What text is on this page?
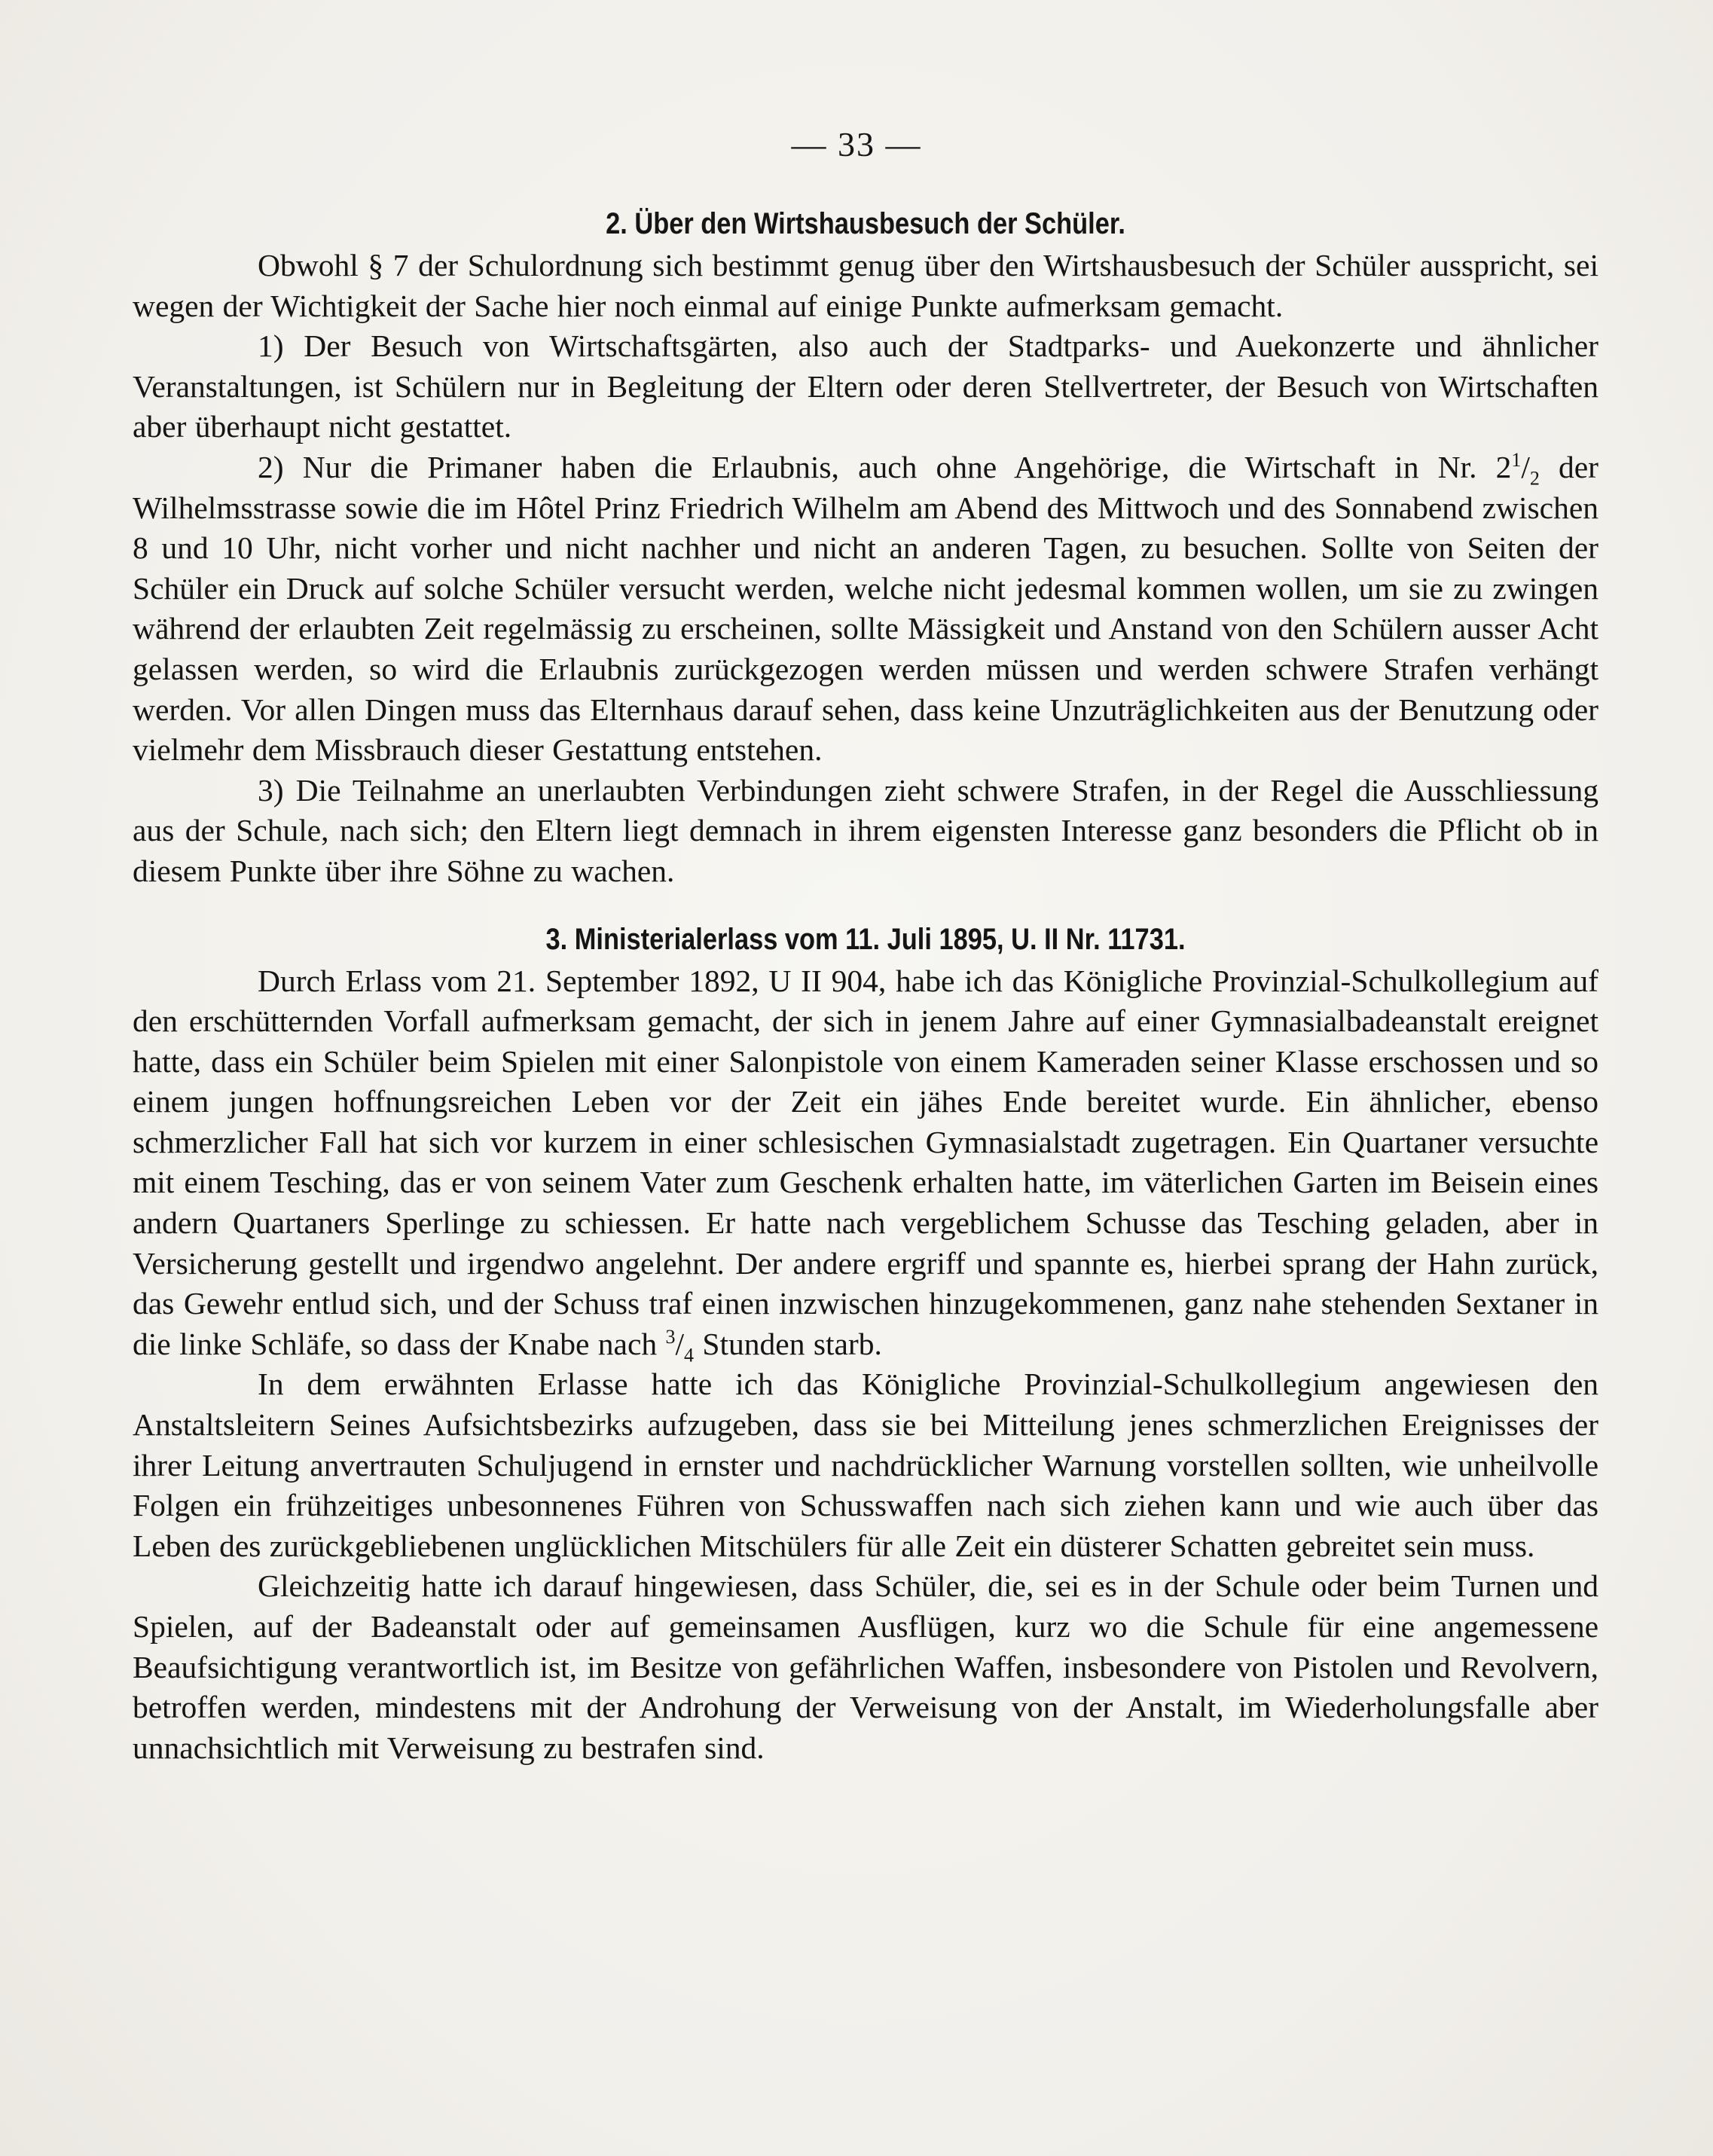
— 33 —
2. Über den Wirtshausbesuch der Schüler.

Obwohl § 7 der Schulordnung sich bestimmt genug über den Wirtshausbesuch der Schüler ausspricht, sei wegen der Wichtigkeit der Sache hier noch einmal auf einige Punkte aufmerksam gemacht.

1) Der Besuch von Wirtschaftsgärten, also auch der Stadtparks- und Auekonzerte und ähnlicher Veranstaltungen, ist Schülern nur in Begleitung der Eltern oder deren Stellvertreter, der Besuch von Wirtschaften aber überhaupt nicht gestattet.

2) Nur die Primaner haben die Erlaubnis, auch ohne Angehörige, die Wirtschaft in Nr. $2^1/_2$ der Wilhelmsstrasse sowie die im Hôtel Prinz Friedrich Wilhelm am Abend des Mittwoch und des Sonnabend zwischen 8 und 10 Uhr, nicht vorher und nicht nachher und nicht an anderen Tagen, zu besuchen. Sollte von Seiten der Schüler ein Druck auf solche Schüler versucht werden, welche nicht jedesmal kommen wollen, um sie zu zwingen während der erlaubten Zeit regelmässig zu erscheinen, sollte Mässigkeit und Anstand von den Schülern ausser Acht gelassen werden, so wird die Erlaubnis zurückgezogen werden müssen und werden schwere Strafen verhängt werden. Vor allen Dingen muss das Elternhaus darauf sehen, dass keine Unzuträglichkeiten aus der Benutzung oder vielmehr dem Missbrauch dieser Gestattung entstehen.

3) Die Teilnahme an unerlaubten Verbindungen zieht schwere Strafen, in der Regel die Ausschliessung aus der Schule, nach sich; den Eltern liegt demnach in ihrem eigensten Interesse ganz besonders die Pflicht ob in diesem Punkte über ihre Söhne zu wachen.

3. Ministerialerlass vom 11. Juli 1895, U. II Nr. 11731.

Durch Erlass vom 21. September 1892, U II 904, habe ich das Königliche Provinzial-Schulkollegium auf den erschütternden Vorfall aufmerksam gemacht, der sich in jenem Jahre auf einer Gymnasialbadeanstalt ereignet hatte, dass ein Schüler beim Spielen mit einer Salonpistole von einem Kameraden seiner Klasse erschossen und so einem jungen hoffnungsreichen Leben vor der Zeit ein jähes Ende bereitet wurde. Ein ähnlicher, ebenso schmerzlicher Fall hat sich vor kurzem in einer schlesischen Gymnasialstadt zugetragen. Ein Quartaner versuchte mit einem Tesching, das er von seinem Vater zum Geschenk erhalten hatte, im väterlichen Garten im Beisein eines andern Quartaners Sperlinge zu schiessen. Er hatte nach vergeblichem Schusse das Tesching geladen, aber in Versicherung gestellt und irgendwo angelehnt. Der andere ergriff und spannte es, hierbei sprang der Hahn zurück, das Gewehr entlud sich, und der Schuss traf einen inzwischen hinzugekommenen, ganz nahe stehenden Sextaner in die linke Schläfe, so dass der Knabe nach $^3/_4$ Stunden starb.

In dem erwähnten Erlasse hatte ich das Königliche Provinzial-Schulkollegium angewiesen den Anstaltsleitern Seines Aufsichtsbezirks aufzugeben, dass sie bei Mitteilung jenes schmerzlichen Ereignisses der ihrer Leitung anvertrauten Schuljugend in ernster und nachdrücklicher Warnung vorstellen sollten, wie unheilvolle Folgen ein frühzeitiges unbesonnenes Führen von Schusswaffen nach sich ziehen kann und wie auch über das Leben des zurückgebliebenen unglücklichen Mitschülers für alle Zeit ein düsterer Schatten gebreitet sein muss.

Gleichzeitig hatte ich darauf hingewiesen, dass Schüler, die, sei es in der Schule oder beim Turnen und Spielen, auf der Badeanstalt oder auf gemeinsamen Ausflügen, kurz wo die Schule für eine angemessene Beaufsichtigung verantwortlich ist, im Besitze von gefährlichen Waffen, insbesondere von Pistolen und Revolvern, betroffen werden, mindestens mit der Androhung der Verweisung von der Anstalt, im Wiederholungsfalle aber unnachsichtlich mit Verweisung zu bestrafen sind.
